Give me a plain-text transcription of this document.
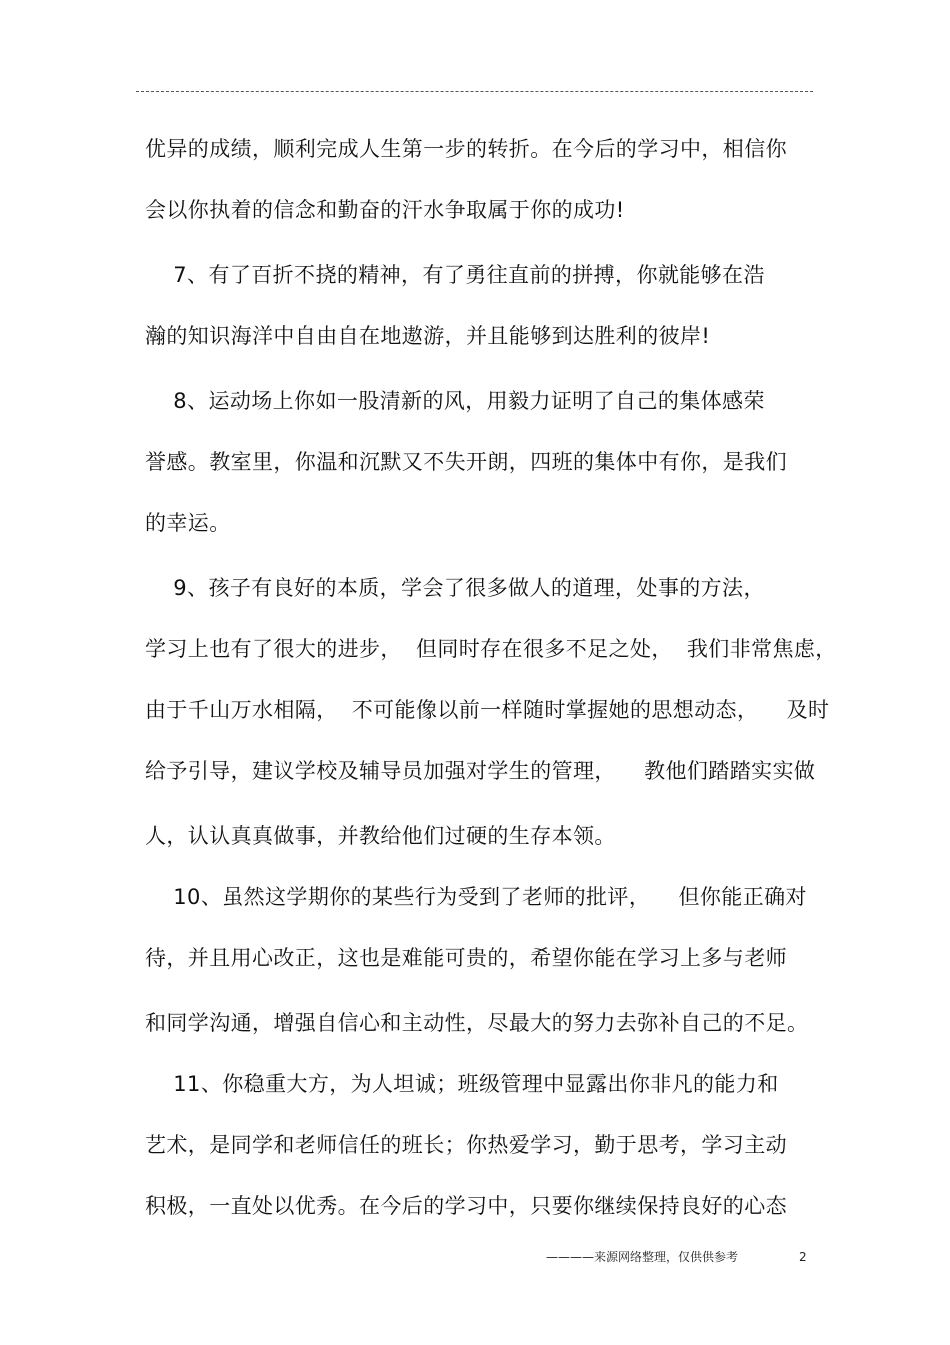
优异的成绩，顺利完成人生第一步的转折。在今后的学习中，相信你
会以你执着的信念和勤奋的汗水争取属于你的成功!
7、有了百折不挠的精神，有了勇往直前的拼搏，你就能够在浩
瀚的知识海洋中自由自在地遨游，并且能够到达胜利的彼岸!
8、运动场上你如一股清新的风，用毅力证明了自己的集体感荣
誉感。教室里，你温和沉默又不失开朗，四班的集体中有你，是我们
的幸运。
9、孩子有良好的本质，学会了很多做人的道理，处事的方法，
学习上也有了很大的进步，  但同时存在很多不足之处，  我们非常焦虑，
由于千山万水相隔，  不可能像以前一样随时掌握她的思想动态，    及时
给予引导，建议学校及辅导员加强对学生的管理，    教他们踏踏实实做
人，认认真真做事，并教给他们过硬的生存本领。
10、虽然这学期你的某些行为受到了老师的批评，    但你能正确对
待，并且用心改正，这也是难能可贵的，希望你能在学习上多与老师
和同学沟通，增强自信心和主动性，尽最大的努力去弥补自己的不足。
11、你稳重大方，为人坦诚；班级管理中显露出你非凡的能力和
艺术，是同学和老师信任的班长；你热爱学习，勤于思考，学习主动
积极，一直处以优秀。在今后的学习中，只要你继续保持良好的心态
————来源网络整理，仅供供参考	2
